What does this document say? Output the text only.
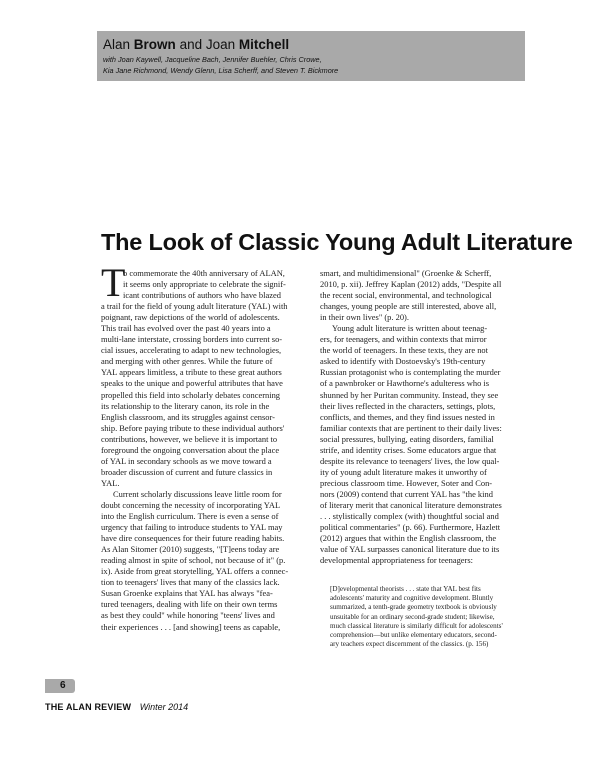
Alan Brown and Joan Mitchell
with Joan Kaywell, Jacqueline Bach, Jennifer Buehler, Chris Crowe,
Kia Jane Richmond, Wendy Glenn, Lisa Scherff, and Steven T. Bickmore
The Look of Classic Young Adult Literature
T
o commemorate the 40th anniversary of ALAN,
it seems only appropriate to celebrate the signif-
icant contributions of authors who have blazed
a trail for the field of young adult literature (YAL) with
poignant, raw depictions of the world of adolescents.
This trail has evolved over the past 40 years into a
multi-lane interstate, crossing borders into current so-
cial issues, accelerating to adapt to new technologies,
and merging with other genres. While the future of
YAL appears limitless, a tribute to these great authors
speaks to the unique and powerful attributes that have
propelled this field into scholarly debates concerning
its relationship to the literary canon, its role in the
English classroom, and its struggles against censor-
ship. Before paying tribute to these individual authors'
contributions, however, we believe it is important to
foreground the ongoing conversation about the place
of YAL in secondary schools as we move toward a
broader discussion of current and future classics in
YAL.
Current scholarly discussions leave little room for
doubt concerning the necessity of incorporating YAL
into the English curriculum. There is even a sense of
urgency that failing to introduce students to YAL may
have dire consequences for their future reading habits.
As Alan Sitomer (2010) suggests, "[T]eens today are
reading almost in spite of school, not because of it" (p.
ix). Aside from great storytelling, YAL offers a connec-
tion to teenagers' lives that many of the classics lack.
Susan Groenke explains that YAL has always "fea-
tured teenagers, dealing with life on their own terms
as best they could" while honoring "teens' lives and
their experiences . . . [and showing] teens as capable,
smart, and multidimensional" (Groenke & Scherff,
2010, p. xii). Jeffrey Kaplan (2012) adds, "Despite all
the recent social, environmental, and technological
changes, young people are still interested, above all,
in their own lives" (p. 20).
Young adult literature is written about teenag-
ers, for teenagers, and within contexts that mirror
the world of teenagers. In these texts, they are not
asked to identify with Dostoevsky's 19th-century
Russian protagonist who is contemplating the murder
of a pawnbroker or Hawthorne's adulteress who is
shunned by her Puritan community. Instead, they see
their lives reflected in the characters, settings, plots,
conflicts, and themes, and they find issues nested in
familiar contexts that are pertinent to their daily lives:
social pressures, bullying, eating disorders, familial
strife, and identity crises. Some educators argue that
despite its relevance to teenagers' lives, the low qual-
ity of young adult literature makes it unworthy of
precious classroom time. However, Soter and Con-
nors (2009) contend that current YAL has "the kind
of literary merit that canonical literature demonstrates
. . . stylistically complex (with) thoughtful social and
political commentaries" (p. 66). Furthermore, Hazlett
(2012) argues that within the English classroom, the
value of YAL surpasses canonical literature due to its
developmental appropriateness for teenagers:
[D]evelopmental theorists . . . state that YAL best fits
adolescents' maturity and cognitive development. Bluntly
summarized, a tenth-grade geometry textbook is obviously
unsuitable for an ordinary second-grade student; likewise,
much classical literature is similarly difficult for adolescents'
comprehension—but unlike elementary educators, second-
ary teachers expect discernment of the classics. (p. 156)
6
THE ALAN REVIEW Winter 2014
